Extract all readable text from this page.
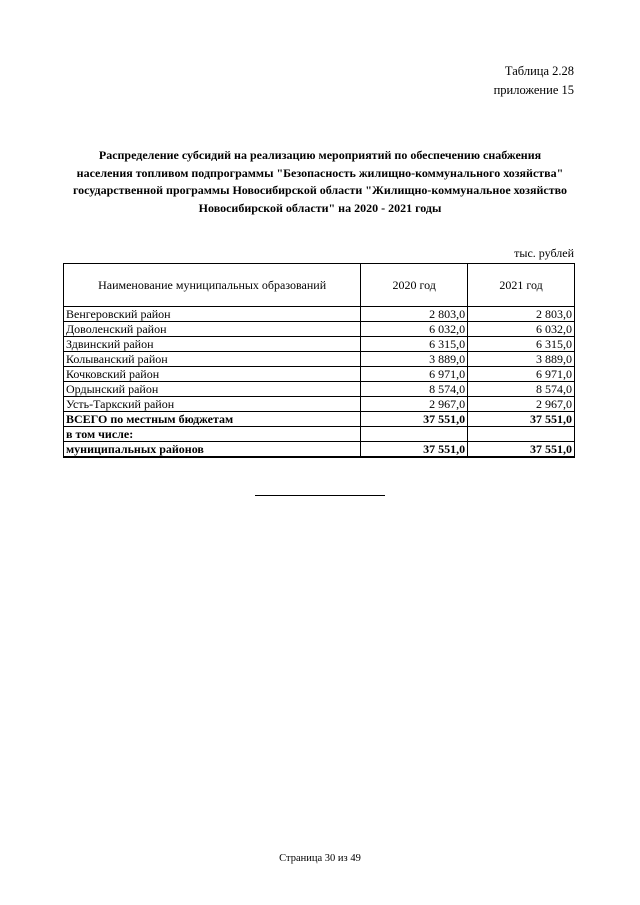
Таблица 2.28
приложение 15
Распределение субсидий на реализацию мероприятий по обеспечению снабжения населения топливом подпрограммы "Безопасность жилищно-коммунального хозяйства" государственной программы Новосибирской области "Жилищно-коммунальное хозяйство Новосибирской области" на 2020 - 2021 годы
тыс. рублей
Наименование муниципальных образований	2020 год	2021 год
Венгеровский район	2 803,0	2 803,0
Доволенский район	6 032,0	6 032,0
Здвинский район	6 315,0	6 315,0
Колыванский район	3 889,0	3 889,0
Кочковский район	6 971,0	6 971,0
Ордынский район	8 574,0	8 574,0
Усть-Таркский район	2 967,0	2 967,0
ВСЕГО по местным бюджетам	37 551,0	37 551,0
в том числе:		
муниципальных районов	37 551,0	37 551,0
Страница 30 из 49
